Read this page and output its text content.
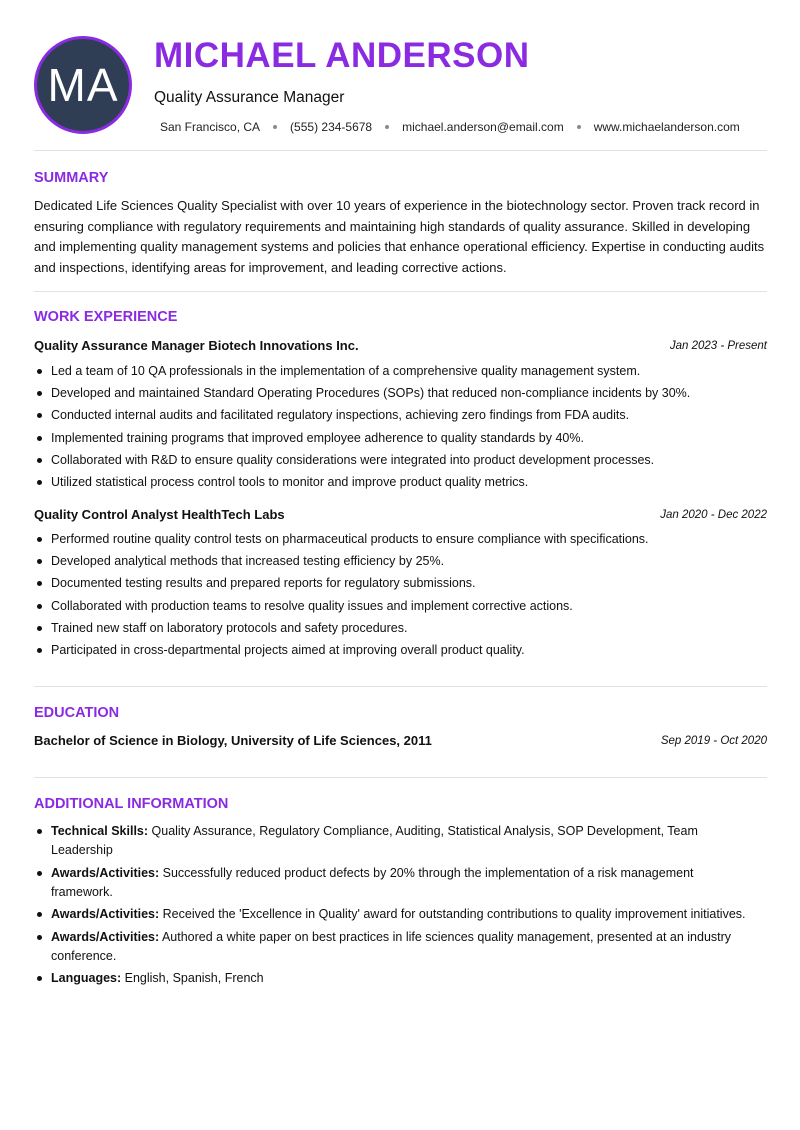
MA
MICHAEL ANDERSON
Quality Assurance Manager
San Francisco, CA	(555) 234-5678	michael.anderson@email.com	www.michaelanderson.com
SUMMARY
Dedicated Life Sciences Quality Specialist with over 10 years of experience in the biotechnology sector. Proven track record in ensuring compliance with regulatory requirements and maintaining high standards of quality assurance. Skilled in developing and implementing quality management systems and policies that enhance operational efficiency. Expertise in conducting audits and inspections, identifying areas for improvement, and leading corrective actions.
WORK EXPERIENCE
Quality Assurance Manager Biotech Innovations Inc.	Jan 2023 - Present
Led a team of 10 QA professionals in the implementation of a comprehensive quality management system.
Developed and maintained Standard Operating Procedures (SOPs) that reduced non-compliance incidents by 30%.
Conducted internal audits and facilitated regulatory inspections, achieving zero findings from FDA audits.
Implemented training programs that improved employee adherence to quality standards by 40%.
Collaborated with R&D to ensure quality considerations were integrated into product development processes.
Utilized statistical process control tools to monitor and improve product quality metrics.
Quality Control Analyst HealthTech Labs	Jan 2020 - Dec 2022
Performed routine quality control tests on pharmaceutical products to ensure compliance with specifications.
Developed analytical methods that increased testing efficiency by 25%.
Documented testing results and prepared reports for regulatory submissions.
Collaborated with production teams to resolve quality issues and implement corrective actions.
Trained new staff on laboratory protocols and safety procedures.
Participated in cross-departmental projects aimed at improving overall product quality.
EDUCATION
Bachelor of Science in Biology, University of Life Sciences, 2011	Sep 2019 - Oct 2020
ADDITIONAL INFORMATION
Technical Skills: Quality Assurance, Regulatory Compliance, Auditing, Statistical Analysis, SOP Development, Team Leadership
Awards/Activities: Successfully reduced product defects by 20% through the implementation of a risk management framework.
Awards/Activities: Received the 'Excellence in Quality' award for outstanding contributions to quality improvement initiatives.
Awards/Activities: Authored a white paper on best practices in life sciences quality management, presented at an industry conference.
Languages: English, Spanish, French
